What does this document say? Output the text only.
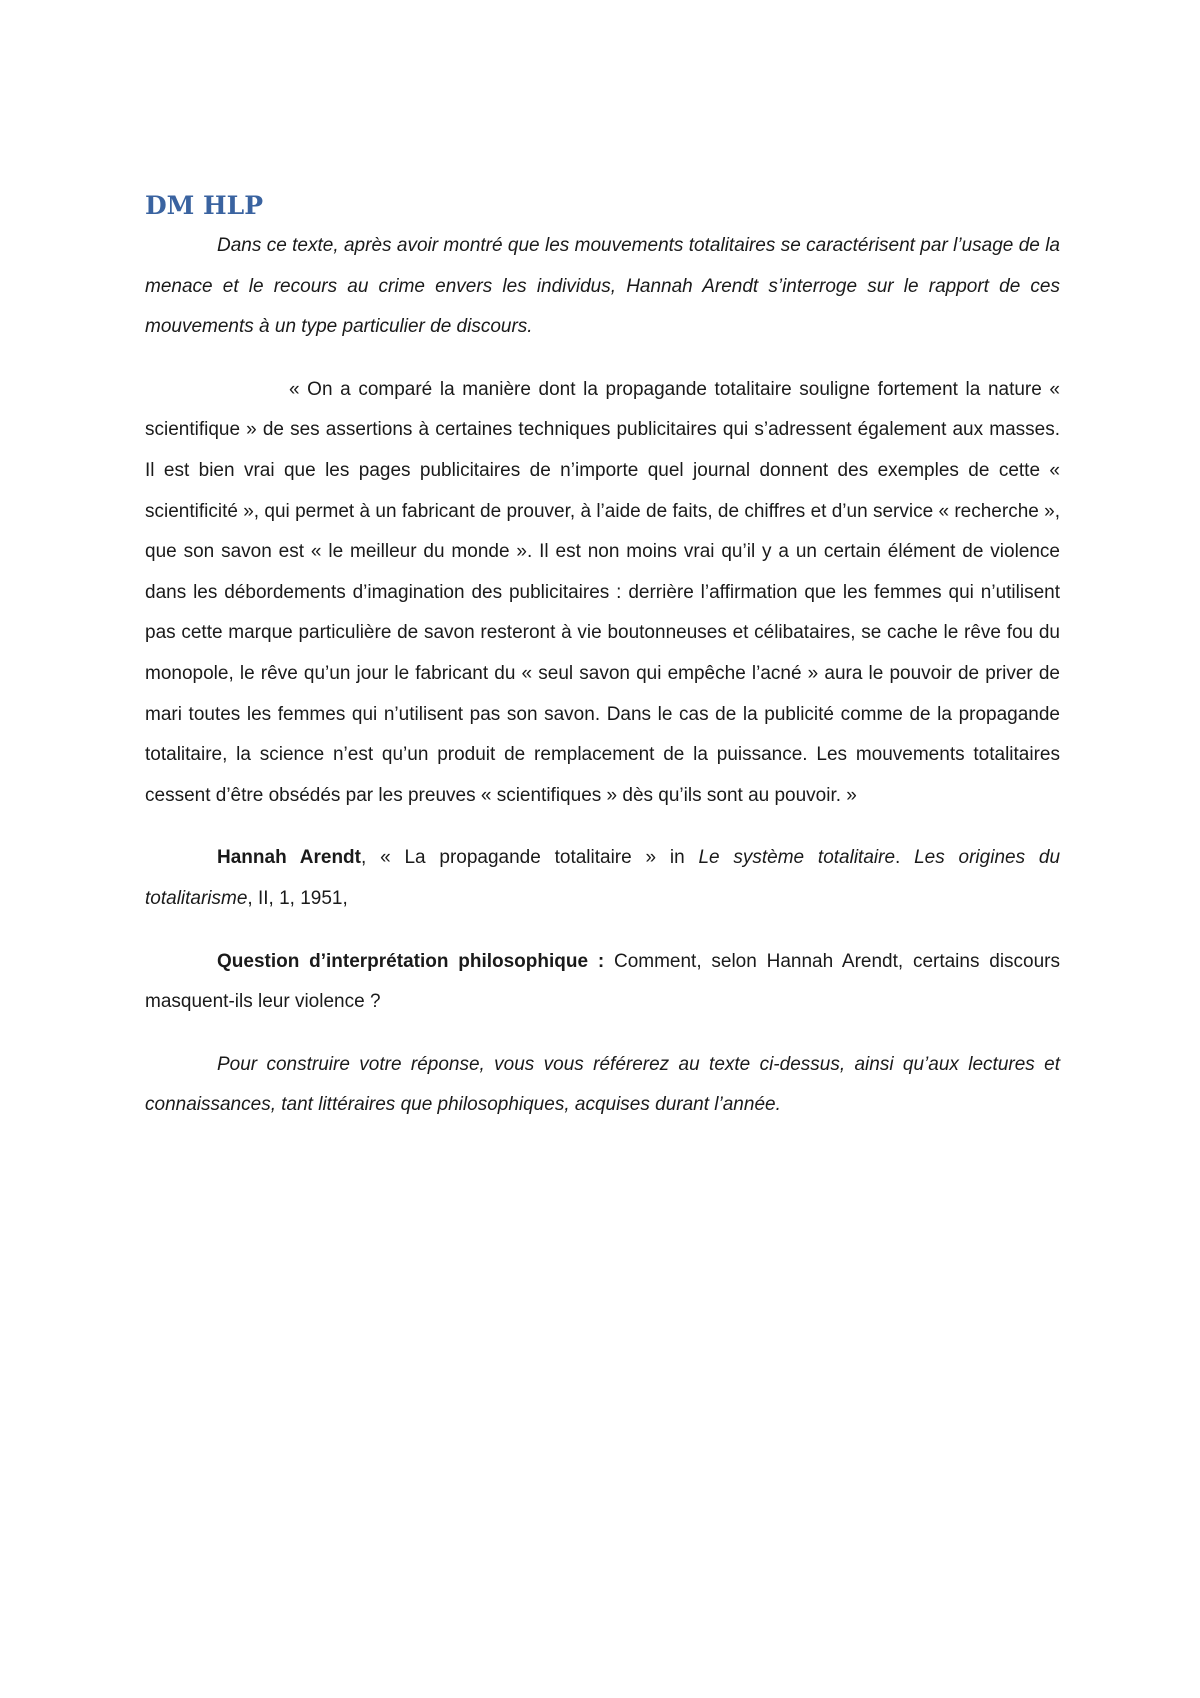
DM HLP

Dans ce texte, après avoir montré que les mouvements totalitaires se caractérisent par l’usage de la menace et le recours au crime envers les individus, Hannah Arendt s’interroge sur le rapport de ces mouvements à un type particulier de discours.

« On a comparé la manière dont la propagande totalitaire souligne fortement la nature « scientifique » de ses assertions à certaines techniques publicitaires qui s’adressent également aux masses. Il est bien vrai que les pages publicitaires de n’importe quel journal donnent des exemples de cette « scientificité », qui permet à un fabricant de prouver, à l’aide de faits, de chiffres et d’un service « recherche », que son savon est « le meilleur du monde ». Il est non moins vrai qu’il y a un certain élément de violence dans les débordements d’imagination des publicitaires : derrière l’affirmation que les femmes qui n’utilisent pas cette marque particulière de savon resteront à vie boutonneuses et célibataires, se cache le rêve fou du monopole, le rêve qu’un jour le fabricant du « seul savon qui empêche l’acné » aura le pouvoir de priver de mari toutes les femmes qui n’utilisent pas son savon. Dans le cas de la publicité comme de la propagande totalitaire, la science n’est qu’un produit de remplacement de la puissance. Les mouvements totalitaires cessent d’être obsédés par les preuves « scientifiques » dès qu’ils sont au pouvoir. »

Hannah Arendt, « La propagande totalitaire » in Le système totalitaire. Les origines du totalitarisme, II, 1, 1951,

Question d’interprétation philosophique : Comment, selon Hannah Arendt, certains discours masquent-ils leur violence ?

Pour construire votre réponse, vous vous référerez au texte ci-dessus, ainsi qu’aux lectures et connaissances, tant littéraires que philosophiques, acquises durant l’année.
